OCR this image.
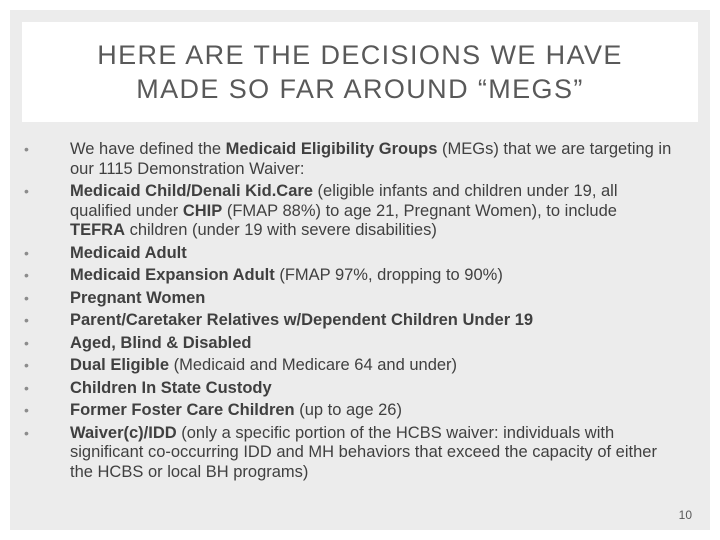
HERE ARE THE DECISIONS WE HAVE
MADE SO FAR AROUND “MEGS”
•	We have defined the Medicaid Eligibility Groups (MEGs) that we are targeting in our 1115 Demonstration Waiver:
•	Medicaid Child/Denali Kid.Care (eligible infants and children under 19, all qualified under CHIP (FMAP 88%) to age 21, Pregnant Women), to include TEFRA children (under 19 with severe disabilities)
•	Medicaid Adult
•	Medicaid Expansion Adult (FMAP 97%, dropping to 90%)
•	Pregnant Women
•	Parent/Caretaker Relatives w/Dependent Children Under 19
•	Aged, Blind & Disabled
•	Dual Eligible (Medicaid and Medicare 64 and under)
•	Children In State Custody
•	Former Foster Care Children (up to age 26)
•	Waiver(c)/IDD (only a specific portion of the HCBS waiver: individuals with significant co-occurring IDD and MH behaviors that exceed the capacity of either the HCBS or local BH programs)
10
